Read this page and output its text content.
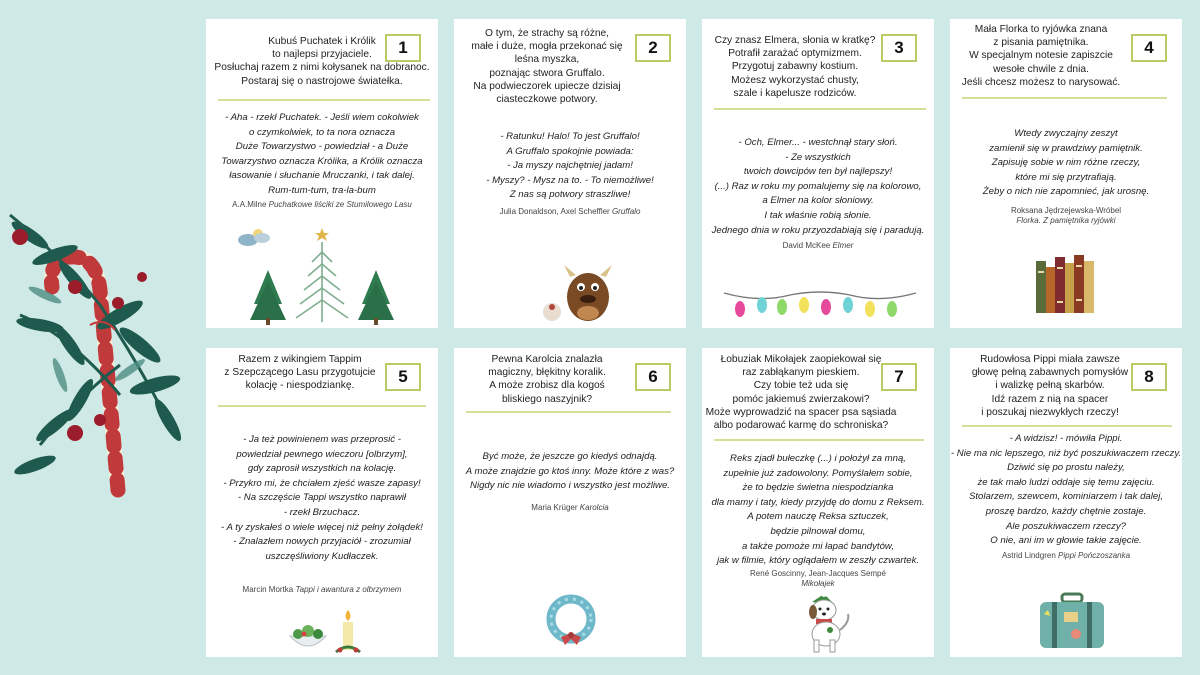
Kubuś Puchatek i Królik
to najlepsi przyjaciele.
Posłuchaj razem z nimi kołysanek na dobranoc.
Postaraj się o nastrojowe światełka.
1
- Aha - rzekł Puchatek. - Jeśli wiem cokolwiek
o czymkolwiek, to ta nora oznacza
Duże Towarzystwo - powiedział - a Duże
Towarzystwo oznacza Królika, a Królik oznacza
łasowanie i słuchanie Mruczanki, i tak dalej.
Rum-tum-tum, tra-la-bum
A.A.Milne Puchatkowe liściki ze Stumilowego Lasu
O tym, że strachy są różne,
małe i duże, mogła przekonać się
leśna myszka,
poznając stwora Gruffalo.
Na podwieczorek upiecze dzisiaj
ciasteczkowe potwory.
2
- Ratunku! Halo! To jest Gruffalo!
A Gruffalo spokojnie powiada:
- Ja myszy najchętniej jadam!
- Myszy? - Mysz na to. - To niemożliwe!
Z nas są potwory straszliwe!
Julia Donaldson, Axel Scheffler Gruffalo
Czy znasz Elmera, słonia w kratkę?
Potrafił zarażać optymizmem.
Przygotuj zabawny kostium.
Możesz wykorzystać chusty,
szale i kapelusze rodziców.
3
- Och, Elmer... - westchnął stary słoń.
- Ze wszystkich
twoich dowcipów ten był najlepszy!
(...) Raz w roku my pomalujemy się na kolorowo,
a Elmer na kolor słoniowy.
I tak właśnie robią słonie.
Jednego dnia w roku przyozdabiają się i paradują.
David McKee Elmer
Mała Florka to ryjówka znana
z pisania pamiętnika.
W specjalnym notesie zapiszcie
wesołe chwile z dnia.
Jeśli chcesz możesz to narysować.
4
Wtedy zwyczajny zeszyt
zamienił się w prawdziwy pamiętnik.
Zapisuję sobie w nim różne rzeczy,
które mi się przytrafiają.
Żeby o nich nie zapomnieć, jak urosnę.
Roksana Jędrzejewska-Wróbel
Florka. Z pamiętnika ryjówki
Razem z wikingiem Tappim
z Szepczącego Lasu przygotujcie
kolację - niespodziankę.	5
- Ja też powinienem was przeprosić -
powiedział pewnego wieczoru [olbrzym],
gdy zaprosił wszystkich na kolację.
- Przykro mi, że chciałem zjeść wasze zapasy!
- Na szczęście Tappi wszystko naprawił
- rzekł Brzuchacz.
- A ty zyskałeś o wiele więcej niż pełny żołądek!
- Znalazłem nowych przyjaciół - zrozumiał
uszczęśliwiony Kudłaczek.
Marcin Mortka Tappi i awantura z olbrzymem
Pewna Karolcia znalazła
magiczny, błękitny koralik.
A może zrobisz dla kogoś
bliskiego naszyjnik?
6
Być może, że jeszcze go kiedyś odnajdą.
A może znajdzie go ktoś inny. Może które z was?
Nigdy nic nie wiadomo i wszystko jest możliwe.
Maria Krüger Karolcia
Łobuziak Mikołajek zaopiekował się
raz zabłąkanym pieskiem.
Czy tobie też uda się
pomóc jakiemuś zwierzakowi?
Może wyprowadzić na spacer psa sąsiada
albo podarować karmę do schroniska?
7
Reks zjadł bułeczkę (...) i położył za mną,
zupełnie już zadowolony. Pomyślałem sobie,
że to będzie świetna niespodzianka
dla mamy i taty, kiedy przyjdę do domu z Reksem.
A potem nauczę Reksa sztuczek,
będzie pilnował domu,
a także pomoże mi łapać bandytów,
jak w filmie, który oglądałem w zeszły czwartek.
René Goscinny, Jean-Jacques Sempé
Mikołajek
Rudowłosa Pippi miała zawsze
głowę pełną zabawnych pomysłów
i walizkę pełną skarbów.
Idź razem z nią na spacer
i poszukaj niezwykłych rzeczy!
8
- A widzisz! - mówiła Pippi.
- Nie ma nic lepszego, niż być poszukiwaczem rzeczy.
Dziwić się po prostu należy,
że tak mało ludzi oddaje się temu zajęciu.
Stolarzem, szewcem, kominiarzem i tak dalej,
proszę bardzo, każdy chętnie zostaje.
Ale poszukiwaczem rzeczy?
O nie, ani im w głowie takie zajęcie.
Astrid Lindgren Pippi Pończoszanka
